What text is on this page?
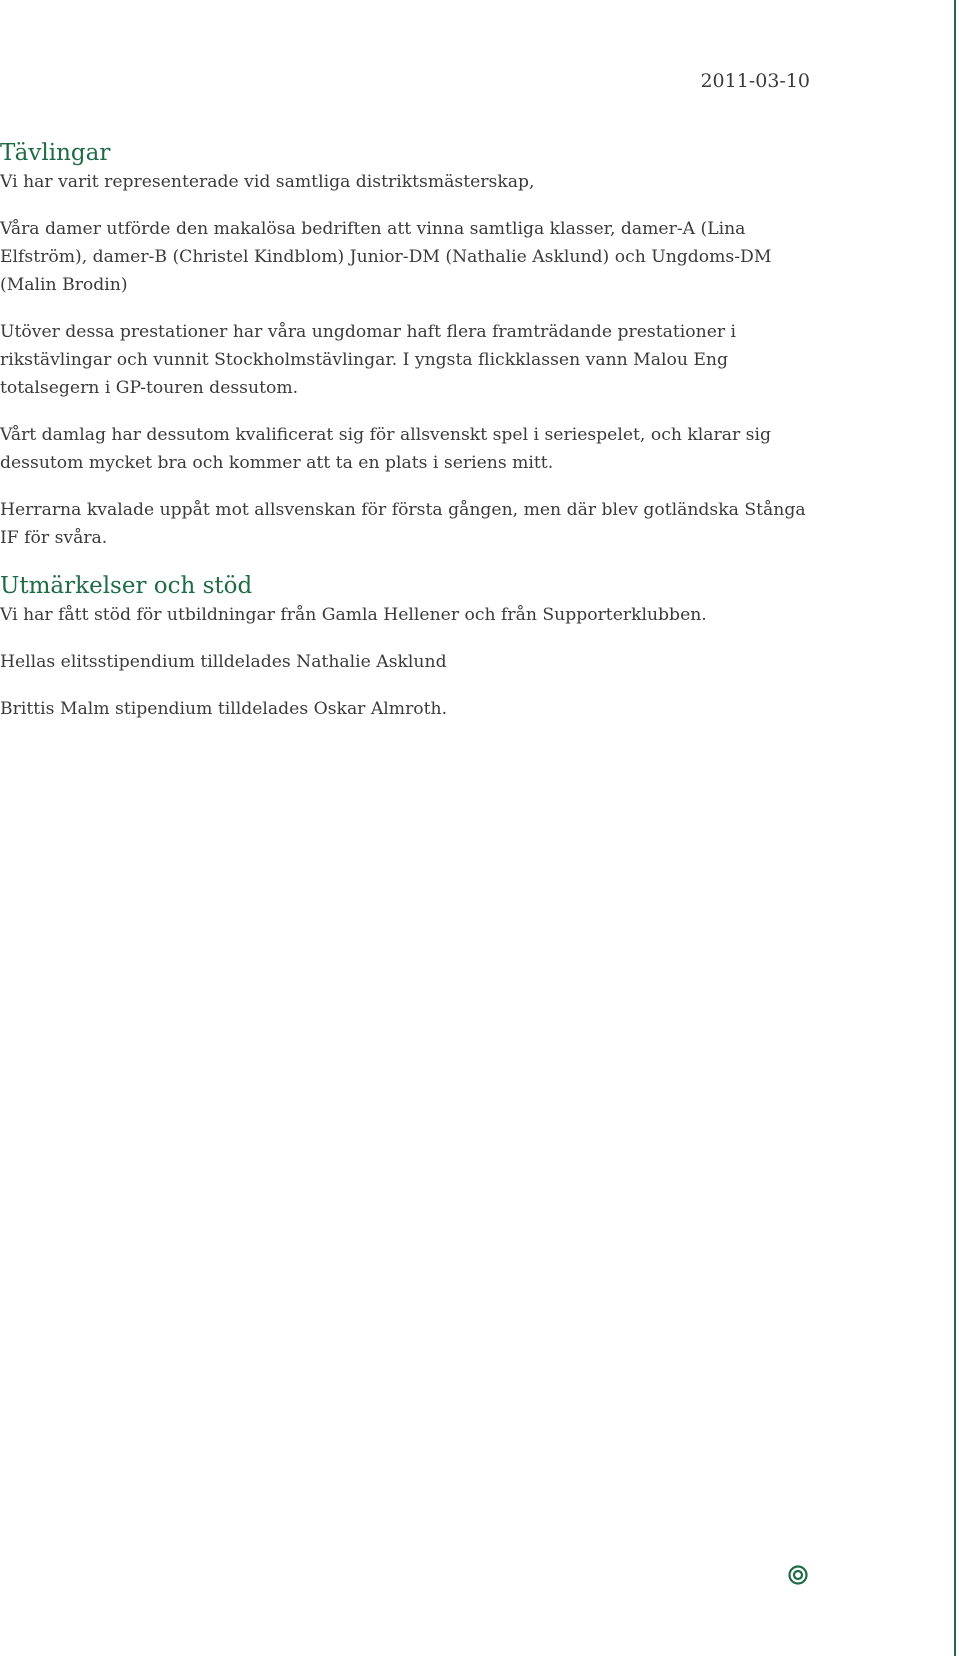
2011-03-10
Tävlingar

Vi har varit representerade vid samtliga distriktsmästerskap,

Våra damer utförde den makalösa bedriften att vinna samtliga klasser, damer-A (Lina Elfström), damer-B (Christel Kindblom) Junior-DM (Nathalie Asklund) och Ungdoms-DM (Malin Brodin)

Utöver dessa prestationer har våra ungdomar haft flera framträdande prestationer i rikstävlingar och vunnit Stockholmstävlingar. I yngsta flickklassen vann Malou Eng totalsegern i GP-touren dessutom.

Vårt damlag har dessutom kvalificerat sig för allsvenskt spel i seriespelet, och klarar sig dessutom mycket bra och kommer att ta en plats i seriens mitt.

Herrarna kvalade uppåt mot allsvenskan för första gången, men där blev gotländska Stånga IF för svåra.

Utmärkelser och stöd

Vi har fått stöd för utbildningar från Gamla Hellener och från Supporterklubben.

Hellas elitsstipendium tilldelades Nathalie Asklund

Brittis Malm stipendium tilldelades Oskar Almroth.
